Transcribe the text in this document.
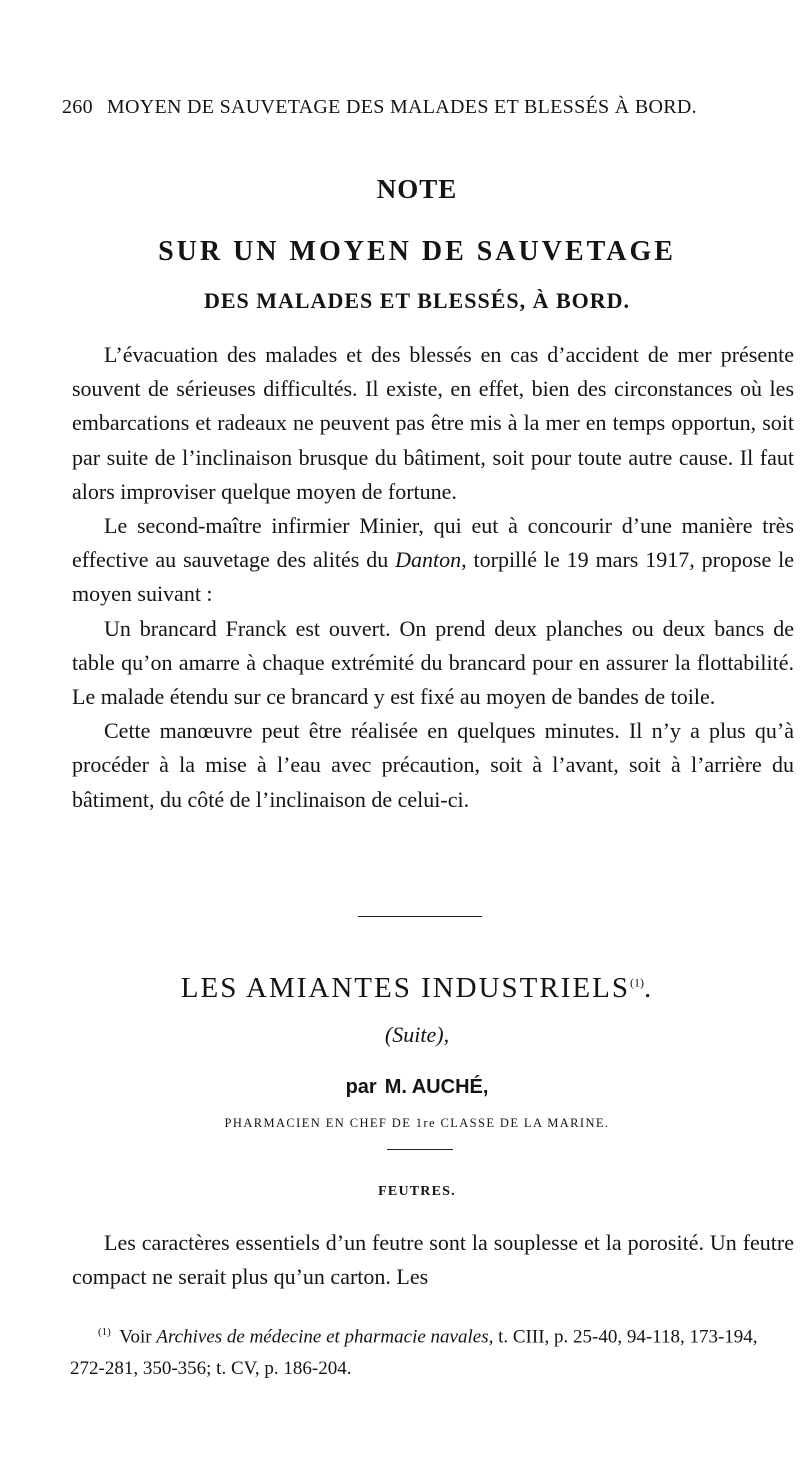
260 MOYEN DE SAUVETAGE DES MALADES ET BLESSÉS À BORD.
NOTE
SUR UN MOYEN DE SAUVETAGE
DES MALADES ET BLESSÉS, À BORD.

L’évacuation des malades et des blessés en cas d’accident de mer présente souvent de sérieuses difficultés. Il existe, en effet, bien des circonstances où les embarcations et radeaux ne peuvent pas être mis à la mer en temps opportun, soit par suite de l’inclinaison brusque du bâtiment, soit pour toute autre cause. Il faut alors improviser quelque moyen de fortune.

Le second-maître infirmier Minier, qui eut à concourir d’une manière très effective au sauvetage des alités du Danton, torpillé le 19 mars 1917, propose le moyen suivant :

Un brancard Franck est ouvert. On prend deux planches ou deux bancs de table qu’on amarre à chaque extrémité du brancard pour en assurer la flottabilité. Le malade étendu sur ce brancard y est fixé au moyen de bandes de toile.

Cette manœuvre peut être réalisée en quelques minutes. Il n’y a plus qu’à procéder à la mise à l’eau avec précaution, soit à l’avant, soit à l’arrière du bâtiment, du côté de l’inclinaison de celui-ci.

LES AMIANTES INDUSTRIELS$^{(1)}$.
(Suite),
par M. AUCHÉ,
PHARMACIEN EN CHEF DE 1re CLASSE DE LA MARINE.
FEUTRES.

Les caractères essentiels d’un feutre sont la souplesse et la porosité. Un feutre compact ne serait plus qu’un carton. Les

$^{(1)}$ Voir Archives de médecine et pharmacie navales, t. CIII, p. 25-40, 94-118, 173-194, 272-281, 350-356; t. CV, p. 186-204.
